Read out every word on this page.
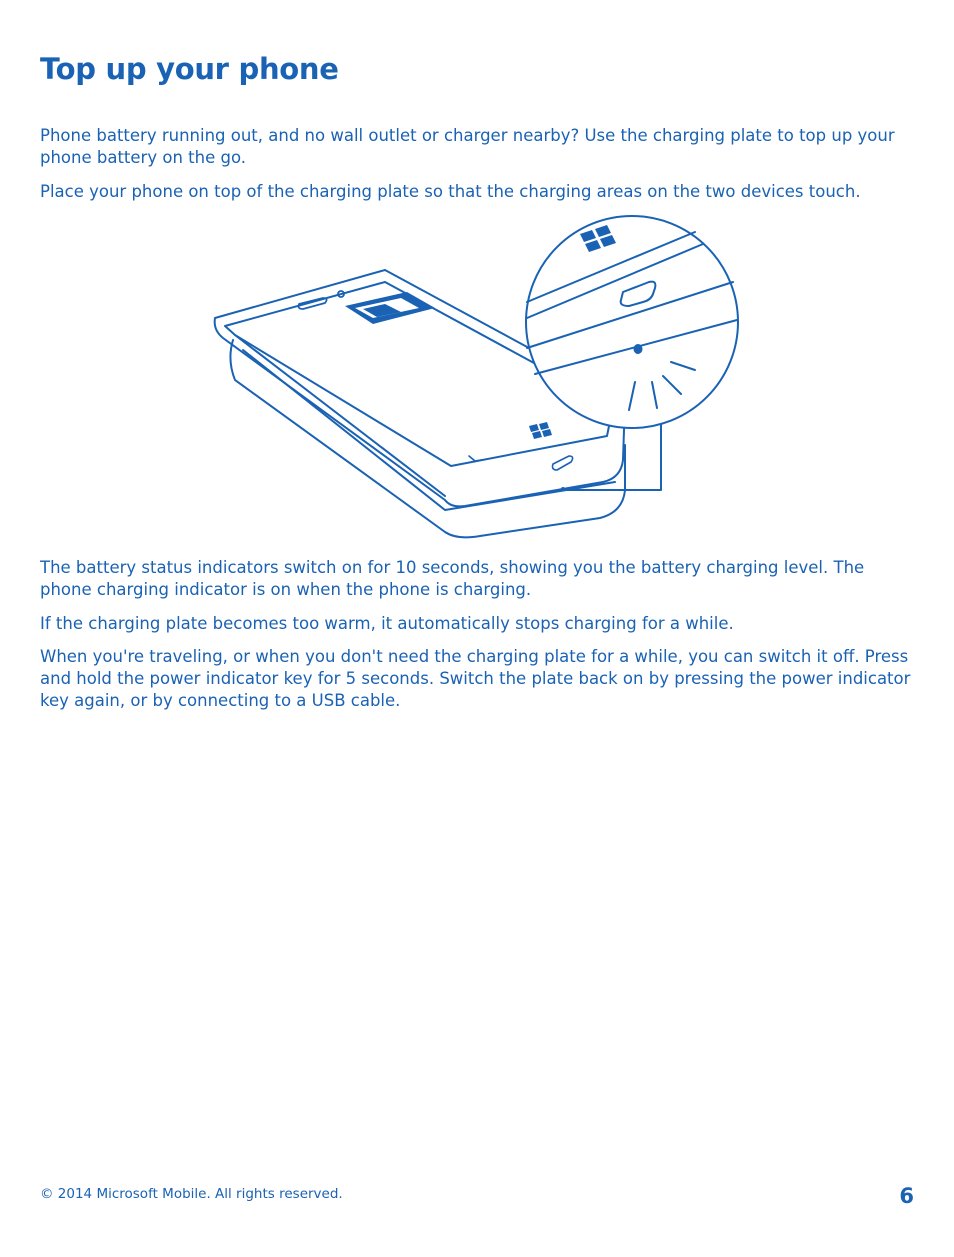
Top up your phone

Phone battery running out, and no wall outlet or charger nearby? Use the charging plate to top up your phone battery on the go.

Place your phone on top of the charging plate so that the charging areas on the two devices touch.

The battery status indicators switch on for 10 seconds, showing you the battery charging level. The phone charging indicator is on when the phone is charging.

If the charging plate becomes too warm, it automatically stops charging for a while.

When you're traveling, or when you don't need the charging plate for a while, you can switch it off. Press and hold the power indicator key for 5 seconds. Switch the plate back on by pressing the power indicator key again, or by connecting to a USB cable.

© 2014 Microsoft Mobile. All rights reserved.	6
